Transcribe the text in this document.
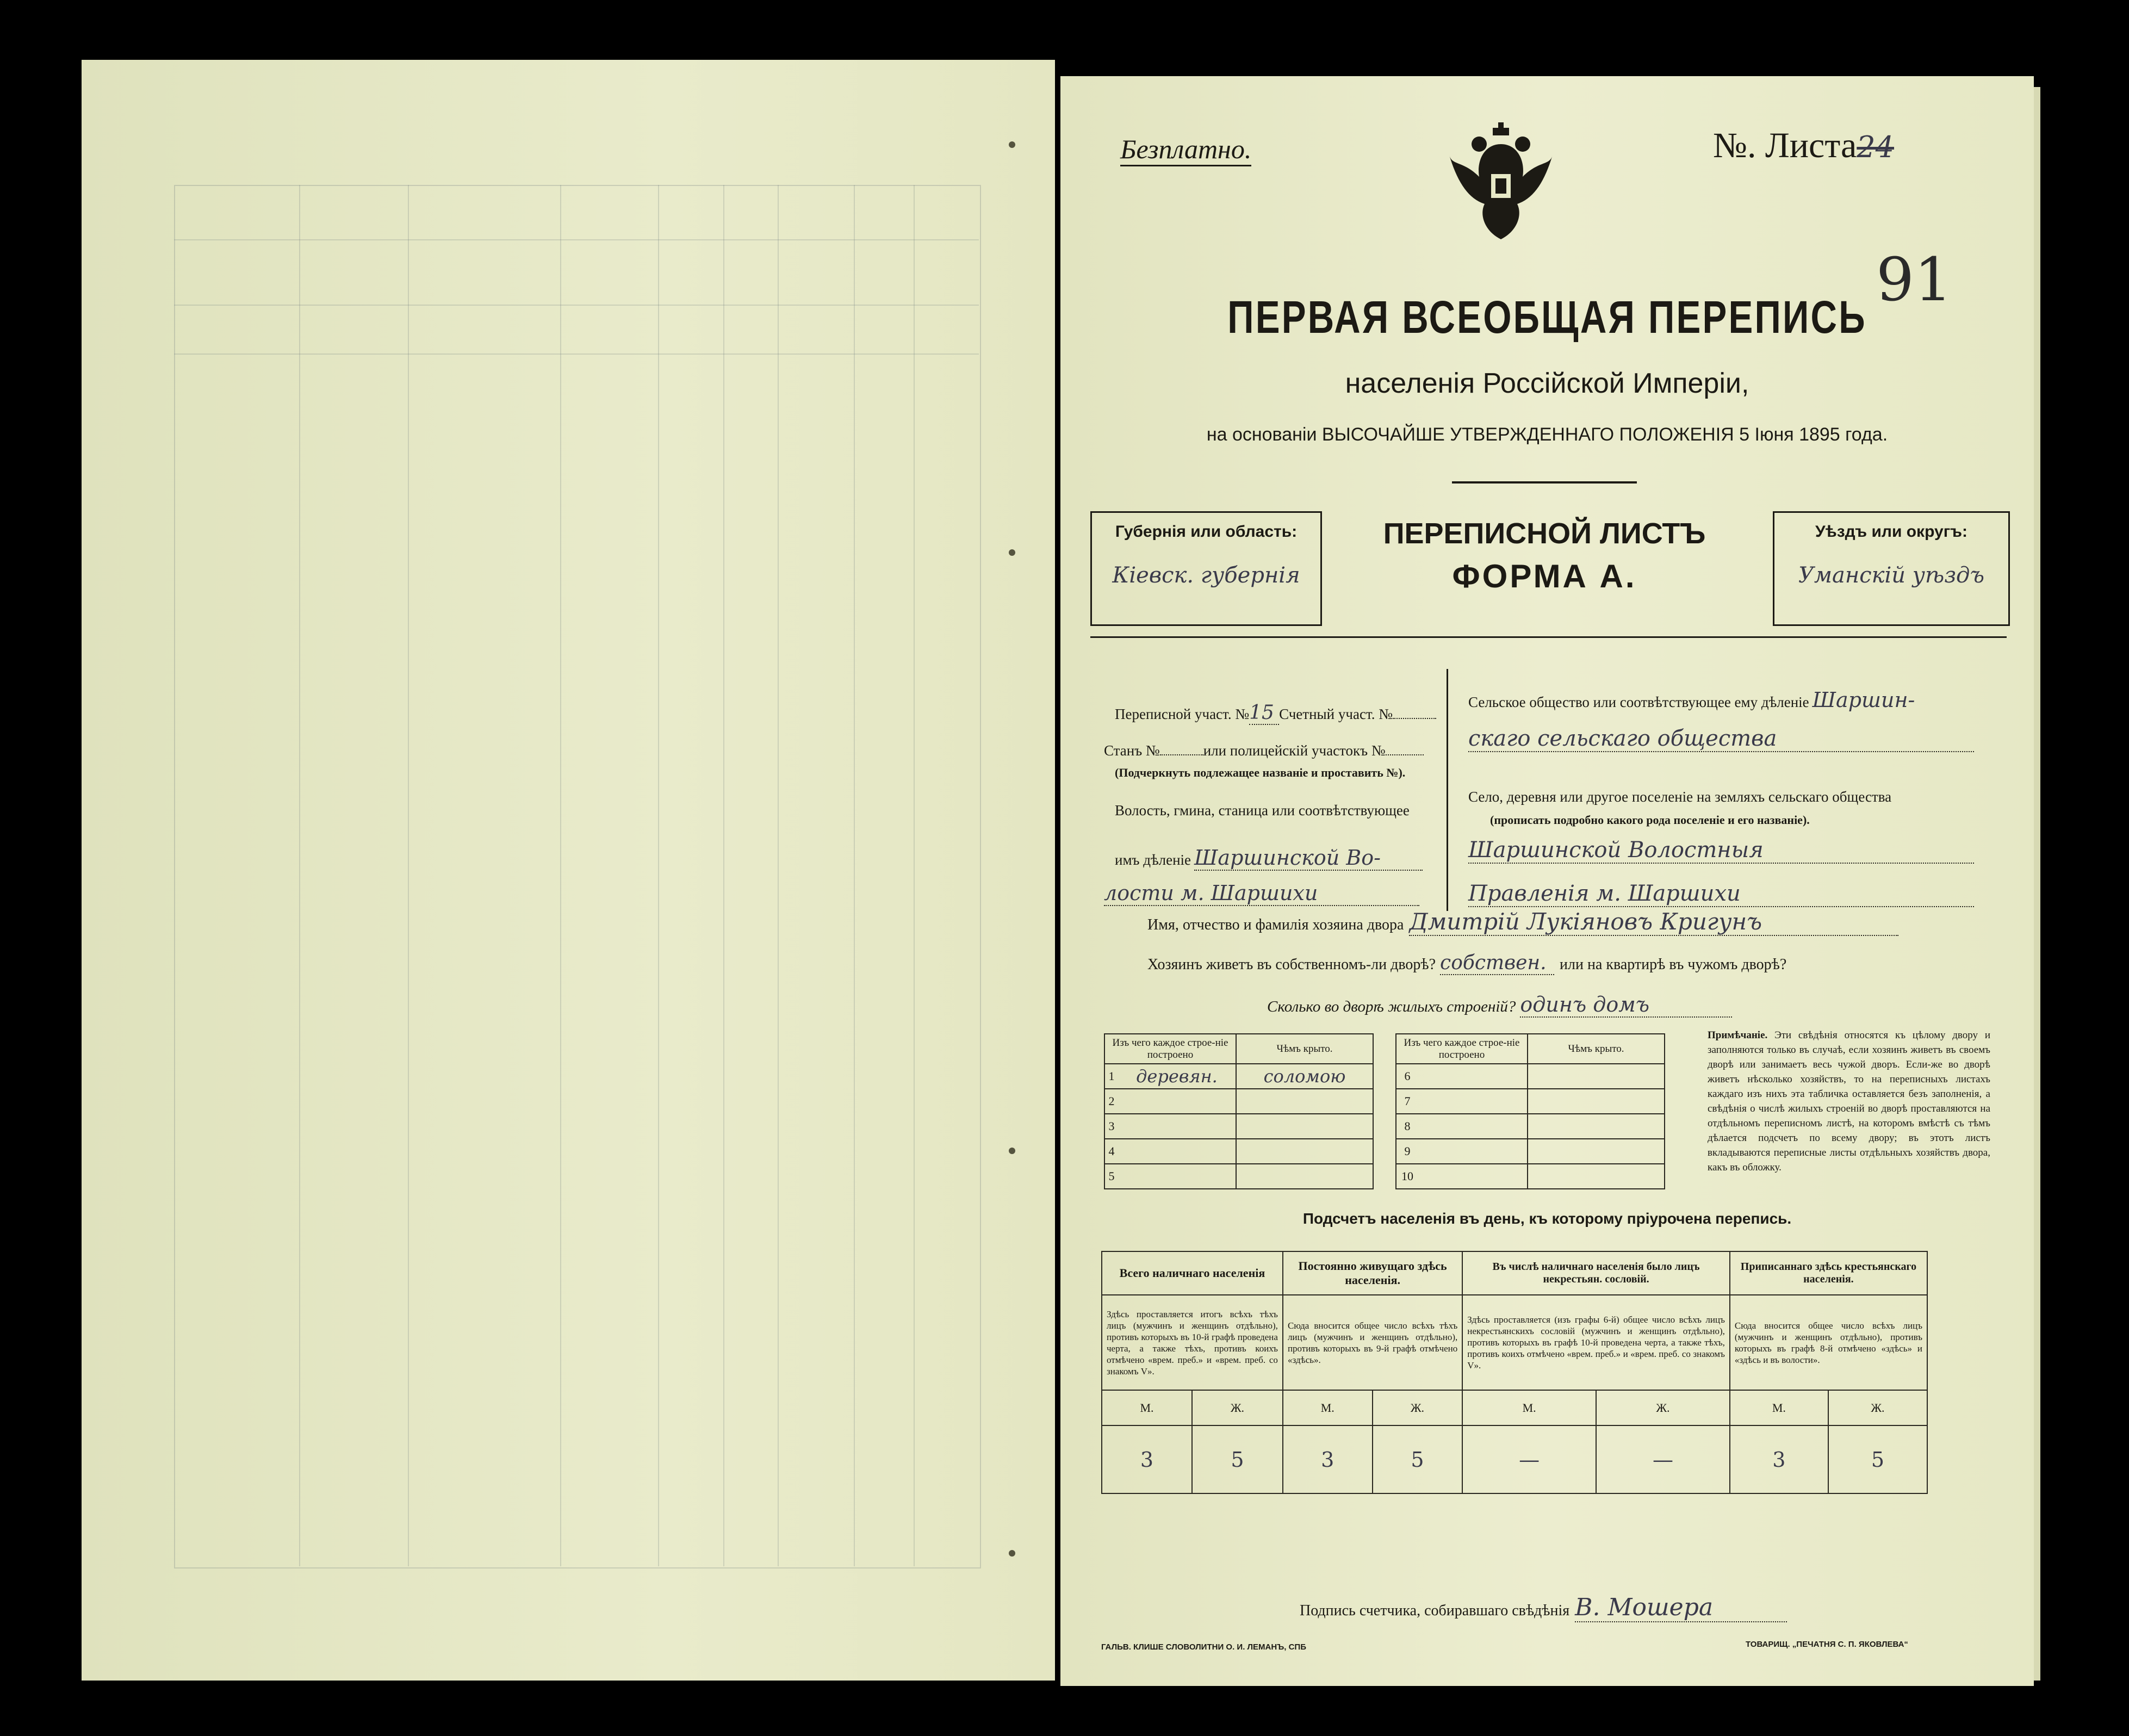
Безплатно.	№. Листа24
91
ПЕРВАЯ ВСЕОБЩАЯ ПЕРЕПИСЬ
населенія Россійской Имперіи,
на основаніи ВЫСОЧАЙШЕ УТВЕРЖДЕННАГО ПОЛОЖЕНІЯ 5 Іюня 1895 года.
Губернія или область:
Кіевск. губернія
ПЕРЕПИСНОЙ ЛИСТЪ
ФОРМА А.
Уѣздъ или округъ:
Уманскій уѣздъ
Переписной участ. №15 Счетный участ. №
Станъ №	или полицейскій участокъ №
(Подчеркнуть подлежащее названіе и проставить №).
Волость, гмина, станица или соотвѣтствующее
имъ дѣленіе Шаршинской Во-
лости м. Шаршихи
Сельское общество или соотвѣтствующее ему дѣленіе Шаршин-
скаго сельскаго общества
Село, деревня или другое поселеніе на земляхъ сельскаго общества
(прописать подробно какого рода поселеніе и его названіе).
Шаршинской Волостныя
Правленія м. Шаршихи
Имя, отчество и фамилія хозяина двора Дмитрій Лукіяновъ Кригунъ
Хозяинъ живетъ въ собственномъ-ли дворѣ? собствен. или на квартирѣ въ чужомъ дворѣ?
Сколько во дворѣ жилыхъ строеній? одинъ домъ
Изъ чего каждое строе-ніе построено		Чѣмъ крыто.
1	деревян.	соломою
2		
3		
4		
5		
Изъ чего каждое строе-ніе построено		Чѣмъ крыто.
6		
7		
8		
9		
10		
Примѣчаніе. Эти свѣдѣнія относятся къ цѣлому двору и заполняются только въ случаѣ, если хозяинъ живетъ въ своемъ дворѣ или занимаетъ весь чужой дворъ. Если-же во дворѣ живетъ нѣсколько хозяйствъ, то на переписныхъ листахъ каждаго изъ нихъ эта табличка оставляется безъ заполненія, а свѣдѣнія о числѣ жилыхъ строеній во дворѣ проставляются на отдѣльномъ переписномъ листѣ, на которомъ вмѣстѣ съ тѣмъ дѣлается подсчетъ по всему двору; въ этотъ листъ вкладываются переписные листы отдѣльныхъ хозяйствъ двора, какъ въ обложку.
Подсчетъ населенія въ день, къ которому пріурочена перепись.
Всего наличнаго населенія		Постоянно живущаго здѣсь населенія.		Въ числѣ наличнаго населенія было лицъ некрестьян. сословій.		Приписаннаго здѣсь крестьянскаго населенія.	
Здѣсь проставляется итогъ всѣхъ тѣхъ лицъ (мужчинъ и женщинъ отдѣльно), противъ которыхъ въ 10-й графѣ проведена черта, а также тѣхъ, противъ коихъ отмѣчено «врем. преб.» и «врем. преб. со знакомъ V».		Сюда вносится общее число всѣхъ тѣхъ лицъ (мужчинъ и женщинъ отдѣльно), противъ которыхъ въ 9-й графѣ отмѣчено «здѣсь».		Здѣсь проставляется (изъ графы 6-й) общее число всѣхъ лицъ некрестьянскихъ сословій (мужчинъ и женщинъ отдѣльно), противъ которыхъ въ графѣ 10-й проведена черта, а также тѣхъ, противъ коихъ отмѣчено «врем. преб.» и «врем. преб. со знакомъ V».		Сюда вносится общее число всѣхъ лицъ (мужчинъ и женщинъ отдѣльно), противъ которыхъ въ графѣ 8-й отмѣчено «здѣсь» и «здѣсь и въ волости».	
М.	Ж.	М.	Ж.	М.	Ж.	М.	Ж.
3	5	3	5	—	—	3	5
Подпись счетчика, собиравшаго свѣдѣнія В. Мошера
ГАЛЬВ. КЛИШЕ СЛОВОЛИТНИ О. И. ЛЕМАНЪ, СПБ	ТОВАРИЩ. „ПЕЧАТНЯ С. П. ЯКОВЛЕВА“
